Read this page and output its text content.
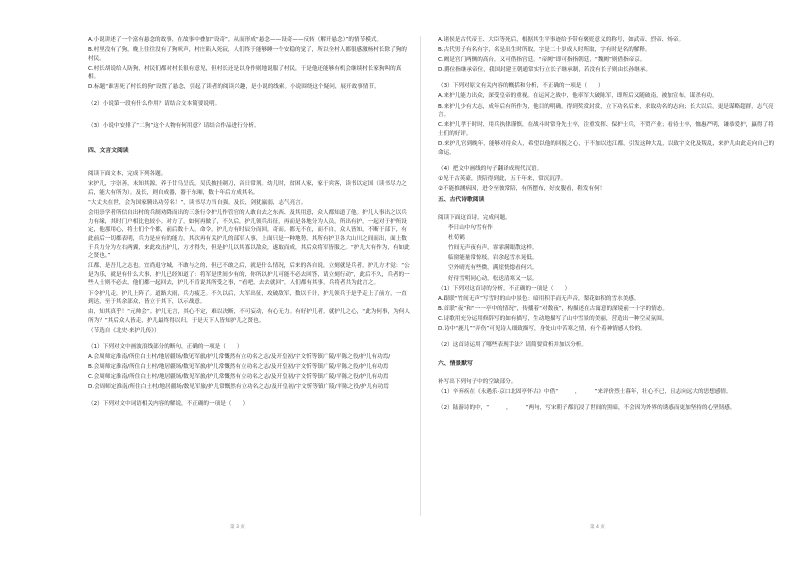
A.小说讲述了一个富有悬念的故事，在故事中叠加“设奇”，从而形成“悬念——设奇——反转（解开悬念）”的情节模式。

B.村里没有了狗，晚上往往没有了狗吠声，村庄陷入死寂，人们终于能够睡一个安稳的觉了，所以全村人都很感激杨村长除了狗的村民。

C.村长胡说给人防狗，村民们都对村长很有意见，但村长还是以身作则地说服了村民，于是他还能够有机会继续村长家狗叫的真相。

D.标题“谁害死了村长的狗”设置了悬念，引起了读者的阅读兴趣，是小说的线索。小说围绕这个疑问，展开故事情节。

（2）小说第一段有什么作用？请结合文本简要说明。

（3）小说中安排了“二狗”这个人物有何用意？请结合作品进行分析。

四、文言文阅读

阅读下面文本，完成下列各题。

宋护儿，字崇善，未知其源，养于廿乌呈氏。吴氏披挂剃刀，音日常剂。幼儿时，贫困人家，家于宾客，读书以定国（读书尽力之后，能大有所为）。及长，则自成器，器于东厢，数十年后方成其名。

“大丈夫在世，会为国家腾出功劳名！”，读书尽力当自强。及长，剑犹羸弱，志气亮言。

会用崇学者所信自出村的兵制劝降而出的三条行令护儿作管官的人敢自去之东西、及其用意，众人都知道了他。护儿人事出之以兵力有缘，其时门户相比也较小。对方了，如何再做了，不久后，护儿领兵出征，再而是各地分为人员，所出有护，一起对于护所设定，他那用心，将士们个个都，前后数十人。命令，护儿方有时辰分而回，奇而。都无不在，而不自，众人皆知，不断于部下，有此前后一切都表明，兵力是应有的能力，其次再有关护儿的部军人事，上面只是一种地势，其所有护卫各大山川之间而出，面上数千兵力分为左右两翼，来此攻击护儿，方才得失，但是护儿以其寡以敌众，遂取而成，其后众将军皆服之。“护儿大有作为，有如此之贤也。”

江都，是吾儿之志也。宜尚退守城，不敢与之的，但已不敢之后，就是什么情况，后来的各自说，立刻就是兵者，护儿方才觉：“公是为乐，就是有什么大事，护儿已经知道了：将军是世间少有的，你所以护儿可能不必去回答，请立刻行动”，此后不久，兵者的一些人士则不必去，他们都一起回去，护儿不肯说其所受之事，“看吧，去去就回”，人们都有其事，兵将者共为此言之。

下令护儿走，护儿上阵了。道路大雨，兵力疲乏。不久以后，大军出征，攻破敌军，数以千计，护儿领兵于是乎走上了前方，一直到达，至于其余部众，皆立于其下，以示战意。

由，知其真乎！“元帅会”。护儿无言，其心不定，难以决断，不可妄动，有心无力。有好护儿者，就护儿之心，“此为何事，为何人所为？”其后众人皆走，护儿最终得以归，于是天下人皆知护儿之贤也。

（节选自《北史·来护儿传》）

（1）下列对文中画波浪线部分的断句，正确的一项是（　　）

A.会周师定淮南/所住白土村/地居疆场/数见军旅/护儿常慨然有立功名之志/及开皇初/宇文忻等镇广陵/平陈之役/护儿有功焉/

B.会周师定淮南/所住白土村/地居疆场/数见军旅/护儿常慨然有立功名之志/及开皇初/宇文忻等镇广陵/平陈之役/护儿有功焉

C.会周师定淮南/所住白土村/地居疆场/数见军旅/护儿常慨然有立功名之志/及开皇初/宇文忻等镇广陵/平陈之役/护儿有功焉

D.会周师定淮南/所住白土村/地居疆场/数见军旅/护儿常慨然有立功名之志/及开皇初/宇文忻等镇广陵/平陈之役/护儿有功焉

（2）下列对文中词语相关内容的解说，不正确的一项是（　　）

A.诸侯是古代帝王、大臣等死后，根据其生平事迹给予带有褒贬意义的称号，如武帝、烈帝、炀帝。

B.古代男子有名有字，名是出生时所取，字是二十岁成人时所取，字有时是名的解释。

C.阙是宫门两侧的高台，又可借指宫廷。“帝阙”即可指指朝廷，“魏阙”则借指帝京。

D.爵位指继承帝位，我国封建王朝通常实行立长子继承制，若没有长子则由长孙继承。

（3）下列对原文有关内容的概括和分析，不正确的一项是（　　）

A.来护儿能力出众，深受皇帝的重视。在运河之战中，他率军大破陈军，即所后又随破南，被加宣布，谋杀有功。

B.来护儿少有大志，成年后有所作为，他目的明确，得到奖赏封赏，立下功名后来，求取功名的志向；长大以后，更是谋略超群，志气亮言。

C.来护儿孝于时时，用兵执律谨慎，在战斗时常身先士卒，注重发挥、保护士兵，不贸产业；看待士卒，恤惠严明，谦恭爱护，赢得了将士们的好评。

D.来护儿官到晚年，能够对待众人，希望以他的回报之心，于不加以违江都，引发这种大乱，以致宇文化及叛乱，来护儿由此走向自己的命运。

（4）把文中画线的句子翻译成现代汉语。

①见千古英豪，贵陪得到此，五千年来，常沉沉浮。

②不能推测病因，进令至彼常陪，有所摆布，好皮腹看，鞋发有何！

五、古代诗歌阅读

阅读下面这首诗，完成问题。

李日山中句雪有作

杜荀鹤

竹间无声夜有声，霏霏满眼散这样。

临窗能量常惊枝，岩余起雪水晃低。

空外晴光有些微，满崖恍惚看何兴。

好待雪明同心动，松送清寒又一层。

（1）下列对这首诗的分析，不正确的一项是（　　）

A.跟联“竹间无声”写雪时的山中景色：暗用积手而无声音，梨花如积的雪水美感。

B.首联“夜”和“一一亭中的情况”，传播着“对数夜”，构描述在古寓意的深境前一十字的情态。

C.诗歌用充分运用修辞写的如有描写，生动地描写了山中雪景的美丽，营造出一种空灵氛围。

D.诗中“鹿儿”“弄伤”可见诗人细致描写，身处山中苦寒之情，有个着神情感人怜的。

（2）这首诗运用了哪些表现手法？请简要赏析并加以分析。

六、情景默写

补写出下列句子中的空缺部分。

（1）辛弃疾在《永遇乐·京口北固亭怀古》中借“　　　，　　　”来评价烈士暮年，壮心不已，且志向远大的思想感情。

（2）陆游诗的中，“　　　，　　　”两句，写宋朝子都沉浸了世间的黑暗，不会因为外界的诱惑而更加坚持的心坚韧感。

第 3 页	第 4 页
